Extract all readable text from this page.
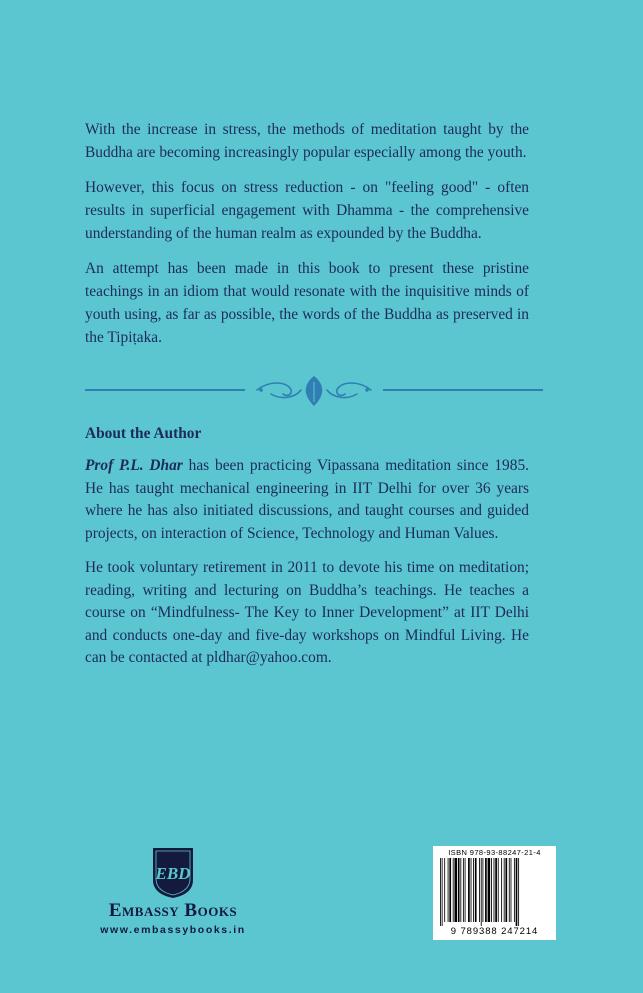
With the increase in stress, the methods of meditation taught by the Buddha are becoming increasingly popular especially among the youth.

However, this focus on stress reduction - on "feeling good" - often results in superficial engagement with Dhamma - the comprehensive understanding of the human realm as expounded by the Buddha.

An attempt has been made in this book to present these pristine teachings in an idiom that would resonate with the inquisitive minds of youth using, as far as possible, the words of the Buddha as preserved in the Tipiṭaka.

About the Author

Prof P.L. Dhar has been practicing Vipassana meditation since 1985. He has taught mechanical engineering in IIT Delhi for over 36 years where he has also initiated discussions, and taught courses and guided projects, on interaction of Science, Technology and Human Values.

He took voluntary retirement in 2011 to devote his time on meditation; reading, writing and lecturing on Buddha’s teachings. He teaches a course on “Mindfulness- The Key to Inner Development” at IIT Delhi and conducts one-day and five-day workshops on Mindful Living. He can be contacted at pldhar@yahoo.com.

EBD
Embassy Books
www.embassybooks.in
ISBN 978-93-88247-21-4
9 789388 247214
